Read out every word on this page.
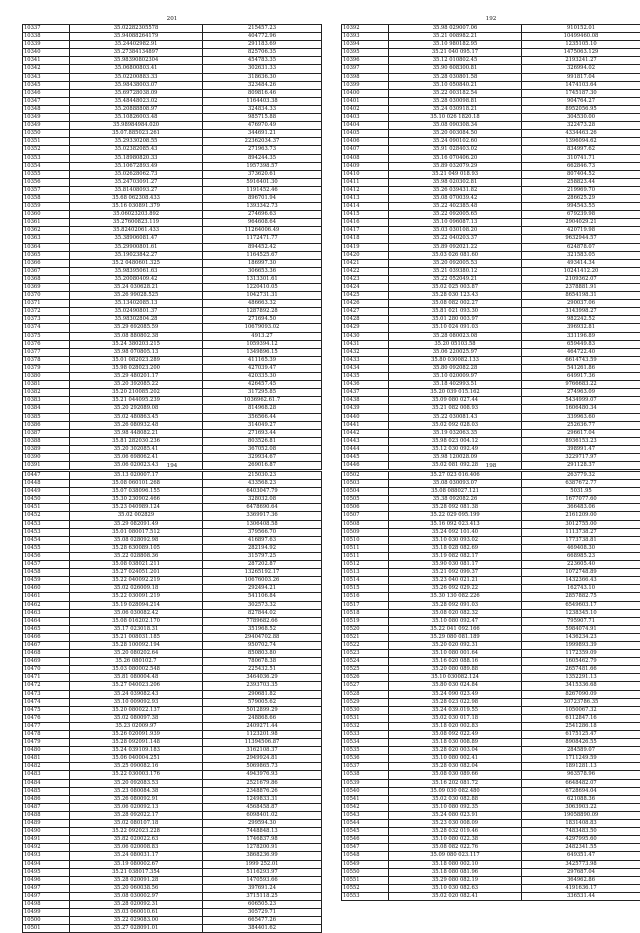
201
10337	35.02282305578	215457.23
10338	35.94088264179	404772.96
10339	35.24402982.91	291183.69
10340	35.27384134897	825706.35
10341	35.98390802304	454783.35
10342	35.06800803.41	302631.33
10343	35.02200883.33	318636.30
10345	35.98438003.07	323484.26
10346	35.69728038.09	809816.46
10347	35.48448023.02	1164403.38
10348	35.20888808.97	324834.33
10349	35.10826003.48	985715.88
10349	35.98984984.020	476970.49
10350	35.07.885023.261	344691.21
10351	35.29330208.55	22362034.37
10352	35.02382085.43	271963.73
10353	35.18980820.33	894244.35
10354	35.10672893.49	1957398.57
10355	35.02628062.73	373620.61
10356	35.24703091.27	5916401.30
10357	35.81408093.27	1191452.46
10358	35.68 062308.433	896701.94
10359	35.16 030891.379	1393342.73
10360	35.06023203.892	274696.63
10361	35.27600823.119	964608.64
10362	35.82402061.433	11264006.49
10363	35.38906081.47	1172471.77
10364	35.29900801.61	894452.42
10365	35.19023842.27	1164525.67
10366	35.2 0480601.325	186997.30
10367	35.98395061.63	306653.36
10368	35.20080409.42	1313301.61
10369	35.24 030628.21	1220410.05
10370	35.26 99028.525	1042731.31
10371	35.13402085.13	486663.32
10372	35.02490801.37	1287892.28
10373	35.98302804.28	271694.50
10374	35.29 692085.59	10679093.02
10375	35.08 880802.38	4913.27
10376	35.24 380203.215	1059394.12
10377	35.98 070805.13	1349896.15
10378	35.01 082023.289	411165.39
10379	35.98 028023.200	427039.47
10380	35.29 480201.17	420335.30
10381	35.20 392085.22	426457.45
10382	35.20 210085.202	317295.85
10383	35.21 044095.239	1036962.61.7
10384	35.20 292089.08	814968.28
10385	35.02 480863.45	356566.44
10386	35.26 080932.48	314049.27
10387	35.98 448082.21	271693.44
10388	35.81 282030.236	803526.81
10389	35.20 302085.41	367052.08
10390	35.06 698062.41	329934.67
10391	35.06 020023.43	269016.87
192
10392	35.98 029007.06	910152.01
10393	35.21 008982.21	10499460.08
10394	35.10 980182.95	1235105.10
10395	35.21 040 095.17	1475063.129
10396	35.12 010802.45	2193241.27
10397	35.90 608300.81	326994.02
10398	35.28 030801.58	991817.04
10399	35.10 050840.21	1474103.64
10400	35.22 003182.54	1745187.30
10401	35.28 030098.81	904764.27
10402	35.24 030918.21	8952056.95
10403	35.10 026 1820.18	304530.00
10404	35.08 090308.34	322473.28
10405	35.20 003084.50	4334463.26
10406	35.24 090102.60	1396094.62
10407	35.91 028403.02	834997.62
10408	35.16 070406.20	310741.71
10409	35.89 032079.29	662846.73
10410	35.21 049 018.93	807404.52
10411	35.98 020302.81	258823.44
10412	35.26 039431.82	219969.70
10413	35.08 070039.42	286625.29
10414	35.22 402385.48	994543.55
10415	35.22 092005.65	679239.98
10416	35.10 096087.13	2904029.21
10417	35.03 030108.20	420719.98
10418	35.22 040203.37	9632944.57
10419	35.89 092021.22	624878.07
10420	35.03 026 081.60	321583.05
10421	35.20 092005.53	493414.34
10422	35.21 039380.12	10241412.20
10423	35.22 052049.21	2109362.07
10424	35.02 025 003.87	2378881.91
10425	35.28 030 123.43	8654198.31
10426	35.08 082 002.27	290037.06
10427	35.81 021 093.30	3143998.27
10428	35.01 280 003.97	982242.52
10429	35.10 024 091.03	396932.81
10430	35.28 080023.08	331196.89
10431	35.20 05103.58	659449.83
10432	35.06 220025.97	464722.40
10433	35.80 030082.133	6614743.59
10434	35.80 092082.28	541261.86
10435	35.10 020009.97	649917.36
10436	35.18 402993.51	9766683.22
10437	35.20 039 015.162	274963.09
10438	35.09 080 027.44	5434999.07
10439	35.21 082 008.93	1606480.34
10440	35.22 030081.43	339963.60
10441	35.02 092 028.03	252636.77
10442	35.19 032063.35	296617.04
10443	35.98 023 004.12	8936153.23
10444	35.12 030 092.49	398991.47
10445	35.98 120028.09	3229717.97
10446	35.02 081 092.28	291128.37
194
10447	35.13 020007.17	215030.23
10448	35.08 060101.268	433568.23
10449	35.07 038096.155	6403047.79
10450	35.30 230902.466	328032.08
10451	35.23 040989.124	6478690.64
10452	35.02 002829	3369917.36
10453	35.29 082091.49	1306408.58
10453	35.01 080017.512	379566.70
10454	35.08 028092.98	416897.63
10455	35.28 630089.105	282194.92
10456	35.22 028808.36	315797.25
10457	35.08 038021.211	287202.87
10458	35.27 024051.201	13265192.17
10459	35.22 040092.219	10676003.26
10460	35.02 026009.18	292494.21
10461	35.22 030091.219	541106.84
10462	35.19 028094.214	302573.32
10463	35.06 030082.42	827844.02
10464	35.08 016202.170	7789682.66
10465	35.17 023018.31	351968.52
10466	35.21 008031.185	29404702.88
10467	35.28 100092.194	950702.74
10468	35.20 080202.64	850803.80
10469	35.26 080102.7	780678.38
10470	35.03 080002.548	225432.51
10471	35.81 080004.48	3464036.29
10472	35.27 040023.206	2393703.35
10473	35.24 039082.43	290681.82
10474	35.10 009092.93	579005.62
10475	35.20 080022.137	5012899.29
10476	35.02 080097.38	248868.66
10477	35.23 02009.97	2409271.44
10478	35.26 020091.939	1123201.98
10479	35.28 092091.148	11394506.87
10480	35.24 039109.183	3162108.37
10481	35.06 040004.251	2949924.81
10482	35.25 090082.16	5069865.73
10483	35.22 030003.176	4943976.93
10484	35.20 092083.53	2521679.86
10485	35.23 080084.38	2348876.26
10486	35.26 080092.91	1249833.31
10487	35.06 020092.13	4568458.87
10488	35.28 092022.17	6098401.02
10489	35.02 080107.18	299594.30
10490	35.22 092023.228	7448848.13
10491	35.82 020022.63	1746837.98
10492	35.06 020008.83	1278200.91
10493	35.24 080031.17	3868236.99
10494	35.19 080002.67	1999 252.01
10495	35.21 038017.354	5116293.97
10496	35.28 020091.28	1470593.66
10497	35.20 060038.56	397691.24
10497	35.08 030002.97	3715118.25
10498	35.28 020092.31	606505.23
10499	35.03 060010.61	305729.71
10500	35.22 029083.00	665477.26
10501	35.27 028091.01	384401.62
198
10502	35.27 023 016.406	263779.32
10503	35.08 030093.07	6387672.77
10504	35.08 088027.121	5031.95
10505	35.38 092082.26	1677077.60
10506	35.28 092 081.38	366483.06
10507	35.22 029 095.199	2161209.00
10508	35.16 092 023.413	3012755.00
10509	35.24 092 101.40	1113738.27
10510	35.10 030 093.02	1773738.81
10511	35.18 028 082.69	469408.30
10511	35.19 082 082.17	668985.23
10512	35.90 030 081.17	223605.40
10513	35.21 092 099.37	1072748.89
10514	35.23 040 021.21	1432366.43
10515	35.26 092 029.22	162743.10
10516	35.30 130 082.226	2857882.75
10517	35.28 092 091.03	6549603.17
10518	35.08 020 082.32	1238345.10
10519	35.10 080 092.47	795907.71
10520	35.22 041 092.166	5984074.91
10521	35.29 080 081.189	1436234.23
10522	35.20 020 092.31	1999893.39
10523	35.10 080 001.64	1172359.09
10524	35.16 020 088.16	1605462.79
10525	35.20 080 089.88	2657481.66
10526	35.10 030082.124	1352291.13
10527	35.80 030 024.84	3415336.68
10528	35.24 090 023.49	8267090.09
10529	35.28 023 022.98	30723786.35
10530	35.24 039.019.55	1050067.32
10531	35.02 030 017.18	6112847.16
10532	35.18 020 002.83	2541286.18
10533	35.08 092 022.49	6175125.47
10534	35.18 030 008.89	8908426.55
10535	35.28 020 003.04	284589.07
10536	35.10 080 002.41	1711249.59
10537	35.28 030 082.04	1891281.13
10538	35.08 030 089.66	963578.96
10539	35.16 202 081.72	6648482.07
10540	35.09 030 082.480	6728694.04
10541	35.02 030 082.88	621088.36
10542	35.10 080 092.35	3063903.22
10543	35.24 080 023.91	19058890.09
10544	35.23 030 008.09	1831408.83
10545	35.28 032 019.46	7483483.50
10546	35.10 080 022.38	4297995.60
10547	35.08 082 022.76	2482341.55
10548	35.09 080 023.117	649351.47
10549	35.18 080 002.10	3425773.98
10550	35.18 080 081.96	297687.04
10551	35.29 080 082.19	364962.86
10552	35.10 030 082.63	4191636.17
10553	35.02 020 082.41	336531.44
